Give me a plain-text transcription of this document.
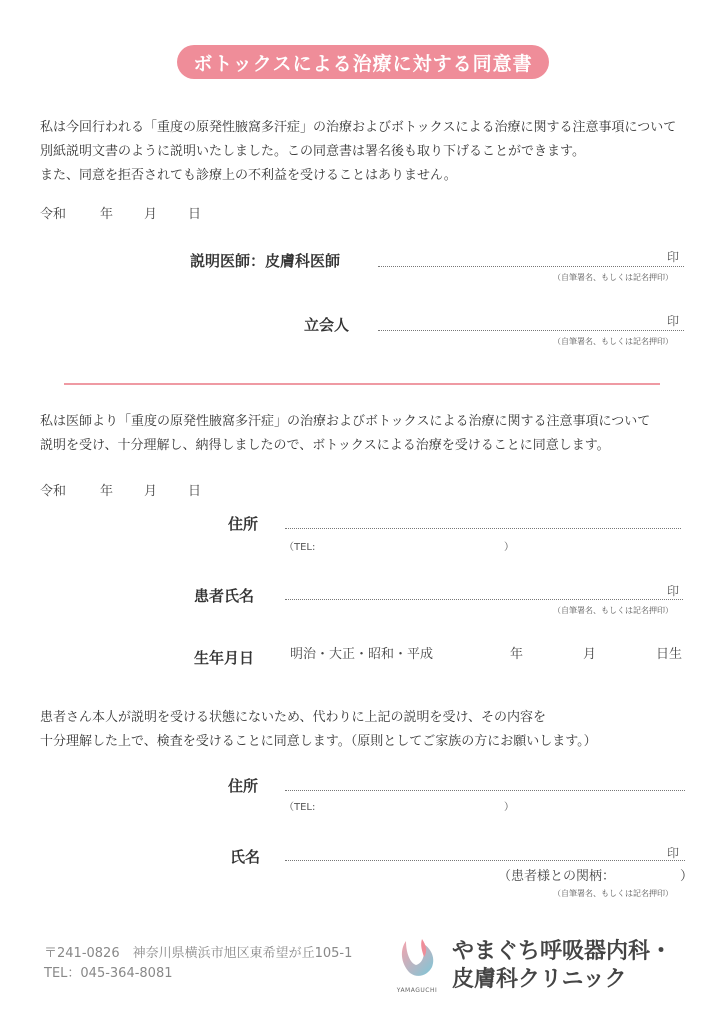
ボトックスによる治療に対する同意書
私は今回行われる「重度の原発性腋窩多汗症」の治療およびボトックスによる治療に関する注意事項について
別紙説明文書のように説明いたしました。この同意書は署名後も取り下げることができます。
また、同意を拒否されても診療上の不利益を受けることはありません。
令和	年 月 日
説明医師：皮膚科医師	印
（自筆署名、もしくは記名押印）
立会人	印
（自筆署名、もしくは記名押印）
私は医師より「重度の原発性腋窩多汗症」の治療およびボトックスによる治療に関する注意事項について
説明を受け、十分理解し、納得しましたので、ボトックスによる治療を受けることに同意します。
令和	年 月 日
住所
（TEL:	）
患者氏名	印
（自筆署名、もしくは記名押印）
生年月日	明治・大正・昭和・平成	年	月	日生
患者さん本人が説明を受ける状態にないため、代わりに上記の説明を受け、その内容を
十分理解した上で、検査を受けることに同意します。（原則としてご家族の方にお願いします。）
住所
（TEL:	）
氏名	印
（患者様との関柄：	）
（自筆署名、もしくは記名押印）
〒241-0826　神奈川県横浜市旭区東希望が丘105-1
TEL：045-364-8081
YAMAGUCHI
やまぐち呼吸器内科・
皮膚科クリニック
